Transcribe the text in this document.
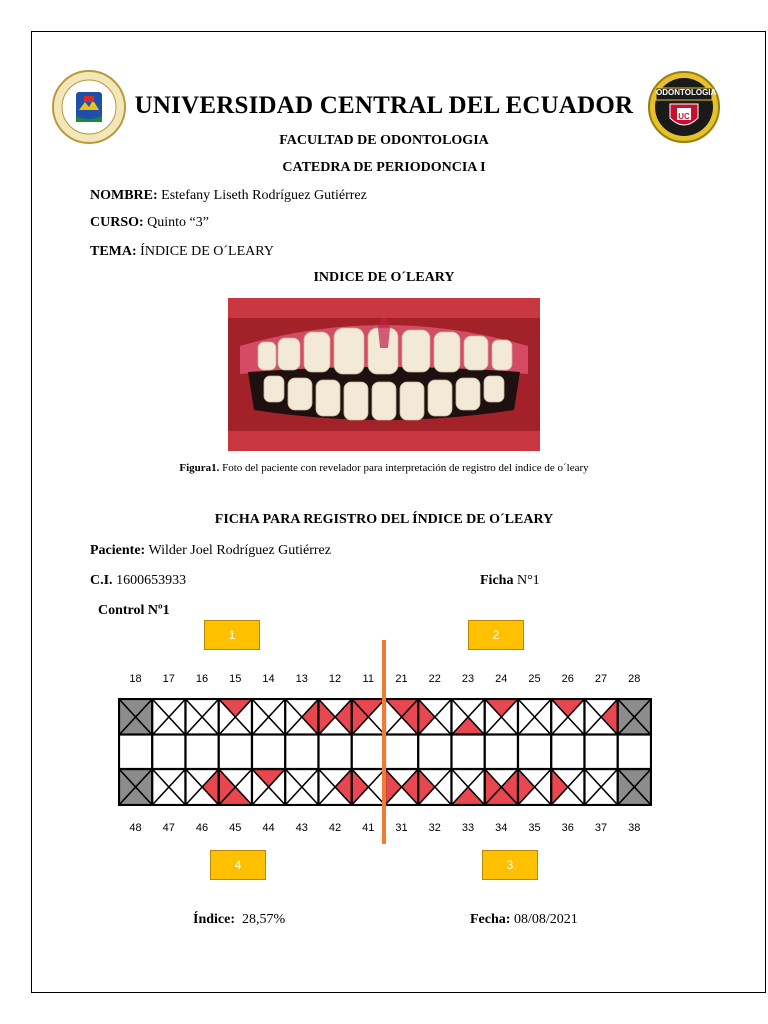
ODONTOLOGIA
UC
UNIVERSIDAD CENTRAL DEL ECUADOR
FACULTAD DE ODONTOLOGIA
CATEDRA DE PERIODONCIA I
NOMBRE: Estefany Liseth Rodríguez Gutiérrez
CURSO: Quinto “3”
TEMA: ÍNDICE DE O´LEARY
INDICE DE O´LEARY
Figura1. Foto del paciente con revelador para interpretación de registro del índice de o´leary
FICHA PARA REGISTRO DEL ÍNDICE DE O´LEARY
Paciente: Wilder Joel Rodríguez Gutiérrez
C.I. 1600653933	Ficha N°1
Control Nº1
1	2
4	3
18	17	16	15	14	13	12	11	21	22	23	24	25	26	27	28
48	47	46	45	44	43	42	41	31	32	33	34	35	36	37	38
Índice: 28,57%	Fecha: 08/08/2021
